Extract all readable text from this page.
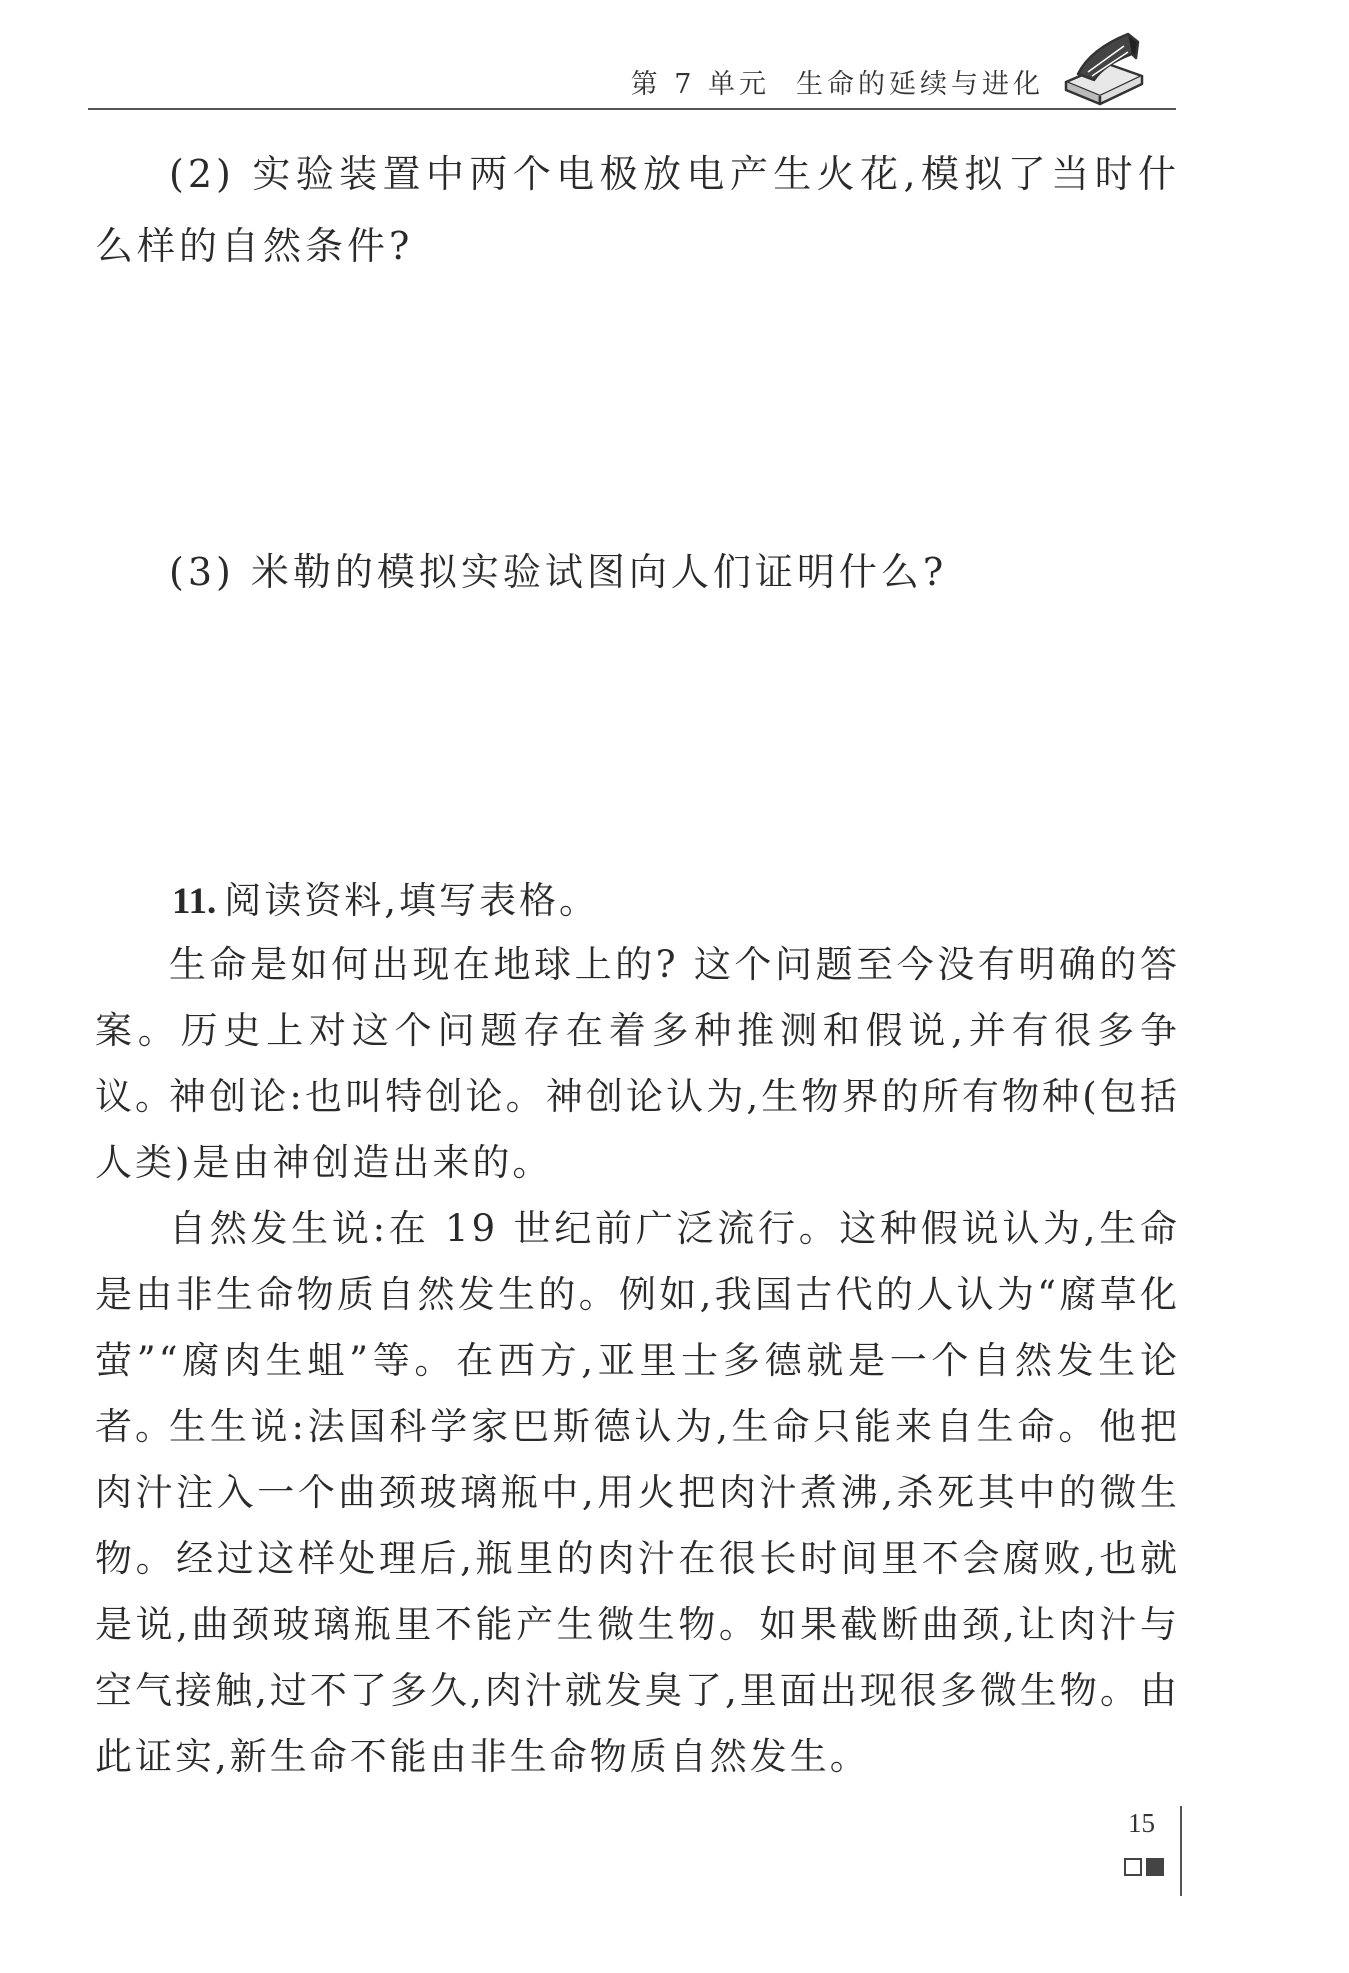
第 7 单元 生命的延续与进化

(2) 实验装置中两个电极放电产生火花,模拟了当时什么样的自然条件?

(3) 米勒的模拟实验试图向人们证明什么?

11. 阅读资料,填写表格。

生命是如何出现在地球上的? 这个问题至今没有明确的答案。历史上对这个问题存在着多种推测和假说,并有很多争议。

神创论:也叫特创论。神创论认为,生物界的所有物种(包括人类)是由神创造出来的。

自然发生说:在 19 世纪前广泛流行。这种假说认为,生命是由非生命物质自然发生的。例如,我国古代的人认为“腐草化萤”“腐肉生蛆”等。在西方,亚里士多德就是一个自然发生论者。

生生说:法国科学家巴斯德认为,生命只能来自生命。他把肉汁注入一个曲颈玻璃瓶中,用火把肉汁煮沸,杀死其中的微生物。经过这样处理后,瓶里的肉汁在很长时间里不会腐败,也就是说,曲颈玻璃瓶里不能产生微生物。如果截断曲颈,让肉汁与空气接触,过不了多久,肉汁就发臭了,里面出现很多微生物。由此证实,新生命不能由非生命物质自然发生。

15
